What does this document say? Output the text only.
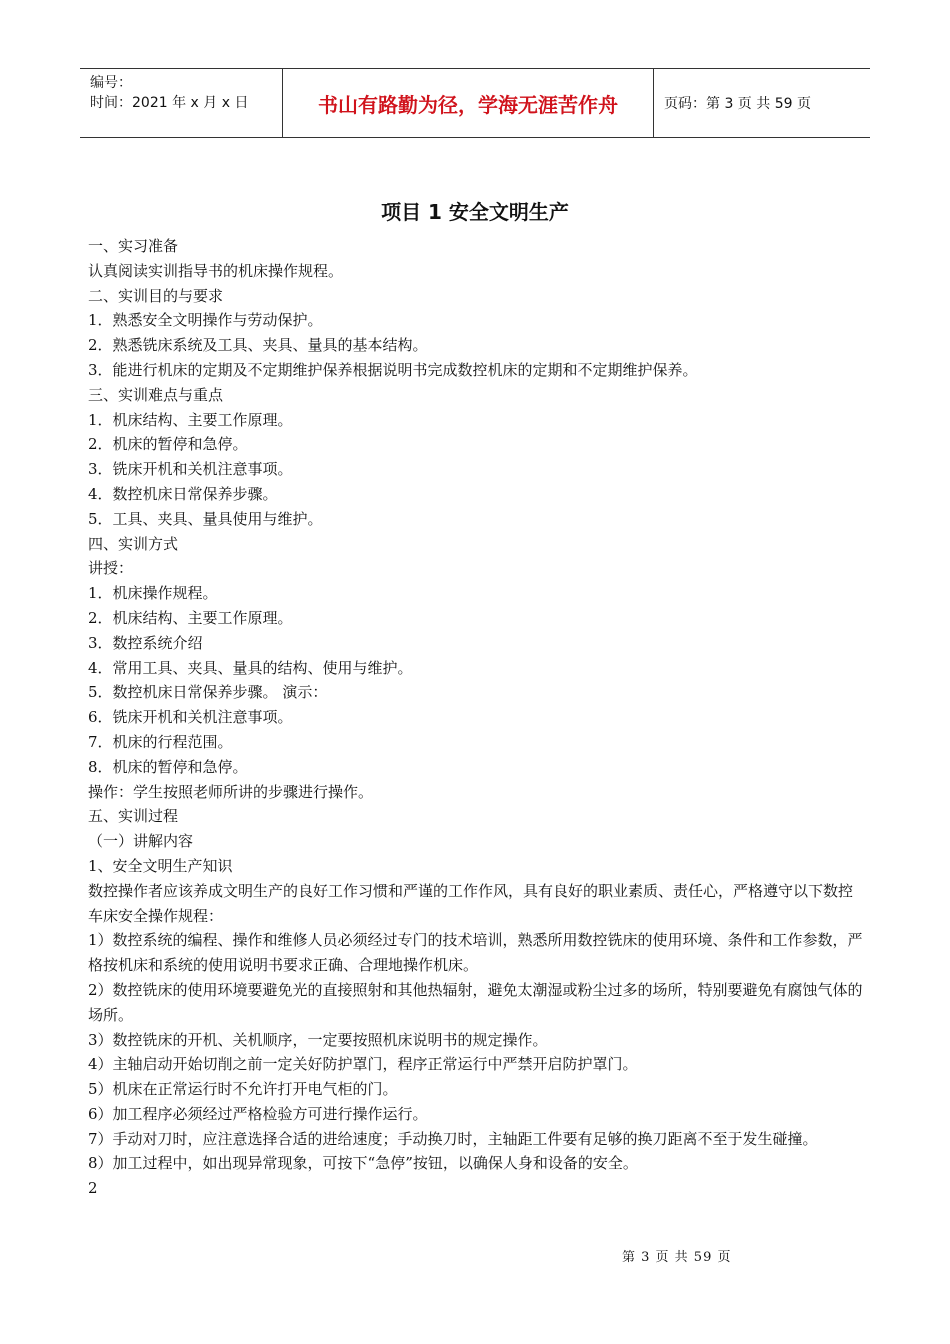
编号：
时间：2021 年 x 月 x 日	书山有路勤为径，学海无涯苦作舟	页码：第 3 页 共 59 页
项目 1 安全文明生产

一、实习准备

认真阅读实训指导书的机床操作规程。

二、实训目的与要求

1．熟悉安全文明操作与劳动保护。

2．熟悉铣床系统及工具、夹具、量具的基本结构。

3．能进行机床的定期及不定期维护保养根据说明书完成数控机床的定期和不定期维护保养。

三、实训难点与重点

1．机床结构、主要工作原理。

2．机床的暂停和急停。

3．铣床开机和关机注意事项。

4．数控机床日常保养步骤。

5．工具、夹具、量具使用与维护。

四、实训方式

讲授：

1．机床操作规程。

2．机床结构、主要工作原理。

3．数控系统介绍

4．常用工具、夹具、量具的结构、使用与维护。

5．数控机床日常保养步骤。 演示：

6．铣床开机和关机注意事项。

7．机床的行程范围。

8．机床的暂停和急停。

操作：学生按照老师所讲的步骤进行操作。

五、实训过程

（一）讲解内容

1、安全文明生产知识

数控操作者应该养成文明生产的良好工作习惯和严谨的工作作风，具有良好的职业素质、责任心，严格遵守以下数控车床安全操作规程：

1）数控系统的编程、操作和维修人员必须经过专门的技术培训，熟悉所用数控铣床的使用环境、条件和工作参数，严格按机床和系统的使用说明书要求正确、合理地操作机床。

2）数控铣床的使用环境要避免光的直接照射和其他热辐射，避免太潮湿或粉尘过多的场所，特别要避免有腐蚀气体的场所。

3）数控铣床的开机、关机顺序，一定要按照机床说明书的规定操作。

4）主轴启动开始切削之前一定关好防护罩门，程序正常运行中严禁开启防护罩门。

5）机床在正常运行时不允许打开电气柜的门。

6）加工程序必须经过严格检验方可进行操作运行。

7）手动对刀时，应注意选择合适的进给速度；手动换刀时，主轴距工件要有足够的换刀距离不至于发生碰撞。

8）加工过程中，如出现异常现象，可按下“急停”按钮，以确保人身和设备的安全。

2

第 3 页 共 59 页
